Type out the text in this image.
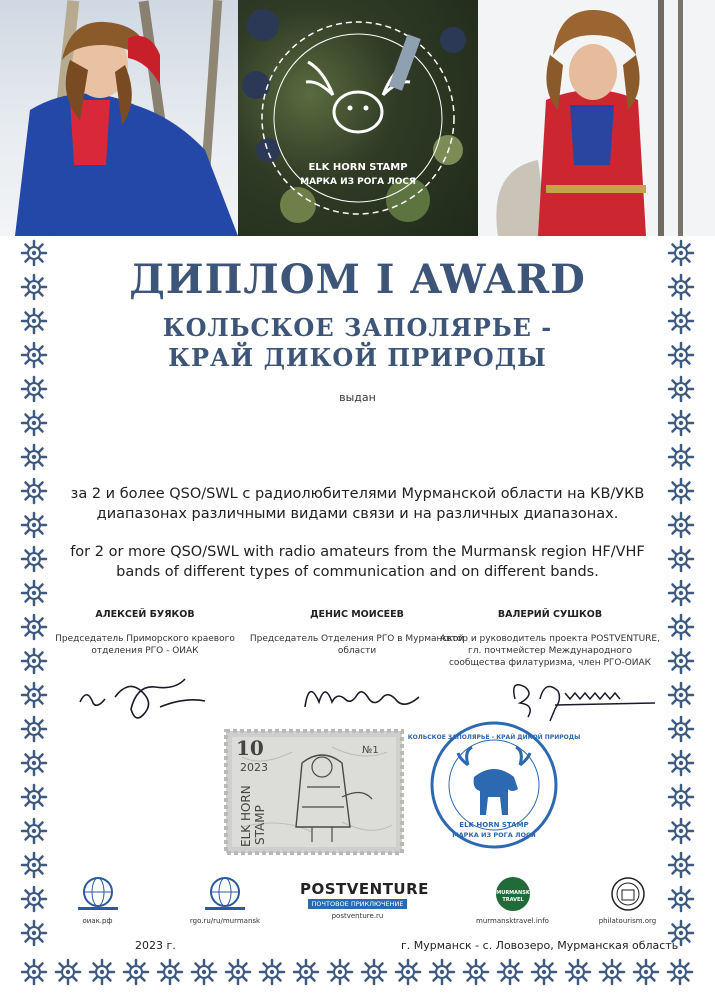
ELK HORN STAMP
МАРКА ИЗ РОГА ЛОСЯ
ДИПЛОМ I AWARD
КОЛЬСКОЕ ЗАПОЛЯРЬЕ -
КРАЙ ДИКОЙ ПРИРОДЫ
выдан
за 2 и более QSO/SWL с радиолюбителями Мурманской области на КВ/УКВ диапазонах различными видами связи и на различных диапазонах.
for 2 or more QSO/SWL with radio amateurs from the Murmansk region HF/VHF bands of different types of communication and on different bands.
АЛЕКСЕЙ БУЯКОВ
Председатель Приморского краевого отделения РГО - ОИАК
ДЕНИС МОИСЕЕВ
Председатель Отделения РГО в Мурманской области
ВАЛЕРИЙ СУШКОВ
Автор и руководитель проекта POSTVENTURE, гл. почтмейстер Международного сообщества филатуризма, член РГО-ОИАК
10
2023
№1
ELK HORN STAMP
КОЛЬСКОЕ ЗАПОЛЯРЬЕ - КРАЙ ДИКОЙ ПРИРОДЫ
ELK HORN STAMP
МАРКА ИЗ РОГА ЛОСЯ
оиак.рф	rgo.ru/ru/murmansk
POSTVENTURE
ПОЧТОВОЕ ПРИКЛЮЧЕНИЕ
postventure.ru
MURMANSK
TRAVEL
murmansktravel.info	philatourism.org
2023 г.	г. Мурманск - с. Ловозеро, Мурманская область
